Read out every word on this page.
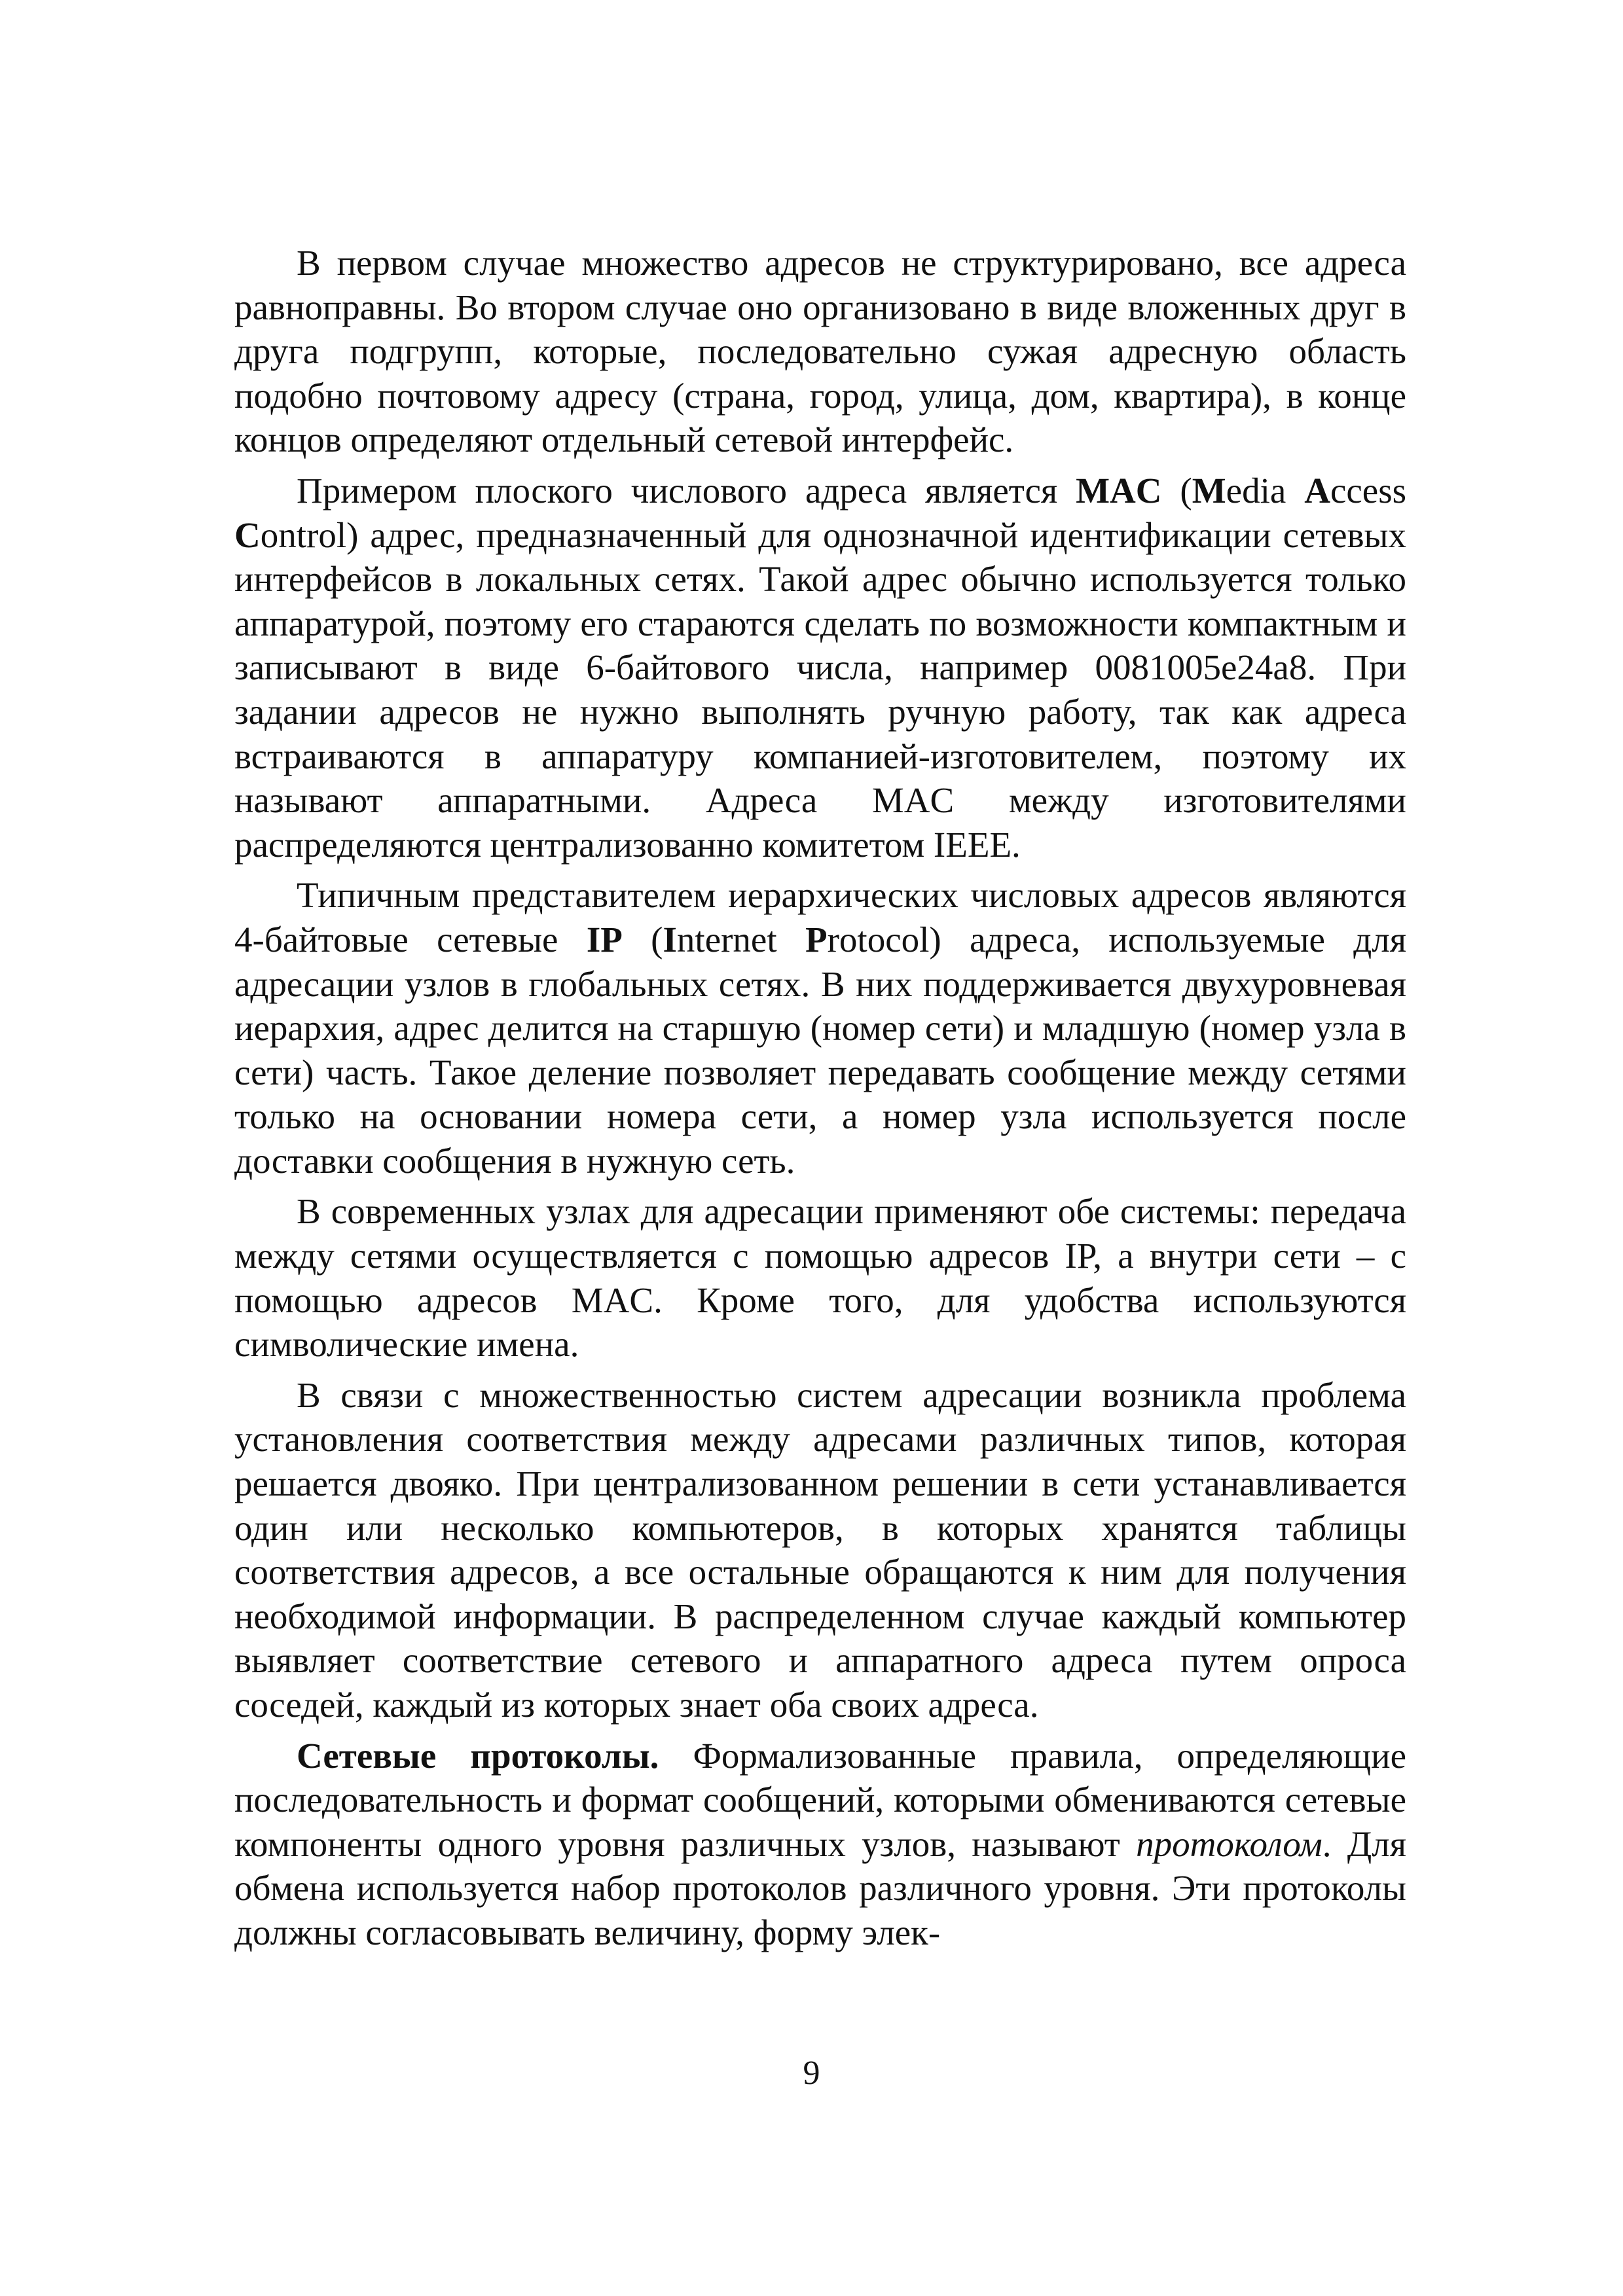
В первом случае множество адресов не структурировано, все адреса равноправны. Во втором случае оно организовано в виде вложенных друг в друга подгрупп, которые, последовательно сужая адресную область подобно почтовому адресу (страна, город, улица, дом, квартира), в конце концов определяют отдельный сетевой интерфейс.

Примером плоского числового адреса является MAC (Media Access Control) адрес, предназначенный для однозначной идентификации сетевых интерфейсов в локальных сетях. Такой адрес обычно используется только аппаратурой, поэтому его стараются сделать по возможности компактным и записывают в виде 6-байтового числа, например 0081005e24a8. При задании адресов не нужно выполнять ручную работу, так как адреса встраиваются в аппаратуру компанией-изготовителем, поэтому их называют аппаратными. Адреса MAC между изготовителями распределяются централизованно комитетом IEEE.

Типичным представителем иерархических числовых адресов являются 4-байтовые сетевые IP (Internet Protocol) адреса, используемые для адресации узлов в глобальных сетях. В них поддерживается двухуровневая иерархия, адрес делится на старшую (номер сети) и младшую (номер узла в сети) часть. Такое деление позволяет передавать сообщение между сетями только на основании номера сети, а номер узла используется после доставки сообщения в нужную сеть.

В современных узлах для адресации применяют обе системы: передача между сетями осуществляется с помощью адресов IP, а внутри сети – с помощью адресов MAC. Кроме того, для удобства используются символические имена.

В связи с множественностью систем адресации возникла проблема установления соответствия между адресами различных типов, которая решается двояко. При централизованном решении в сети устанавливается один или несколько компьютеров, в которых хранятся таблицы соответствия адресов, а все остальные обращаются к ним для получения необходимой информации. В распределенном случае каждый компьютер выявляет соответствие сетевого и аппаратного адреса путем опроса соседей, каждый из которых знает оба своих адреса.

Сетевые протоколы. Формализованные правила, определяющие последовательность и формат сообщений, которыми обмениваются сетевые компоненты одного уровня различных узлов, называют протоколом. Для обмена используется набор протоколов различного уровня. Эти протоколы должны согласовывать величину, форму элек-

9
